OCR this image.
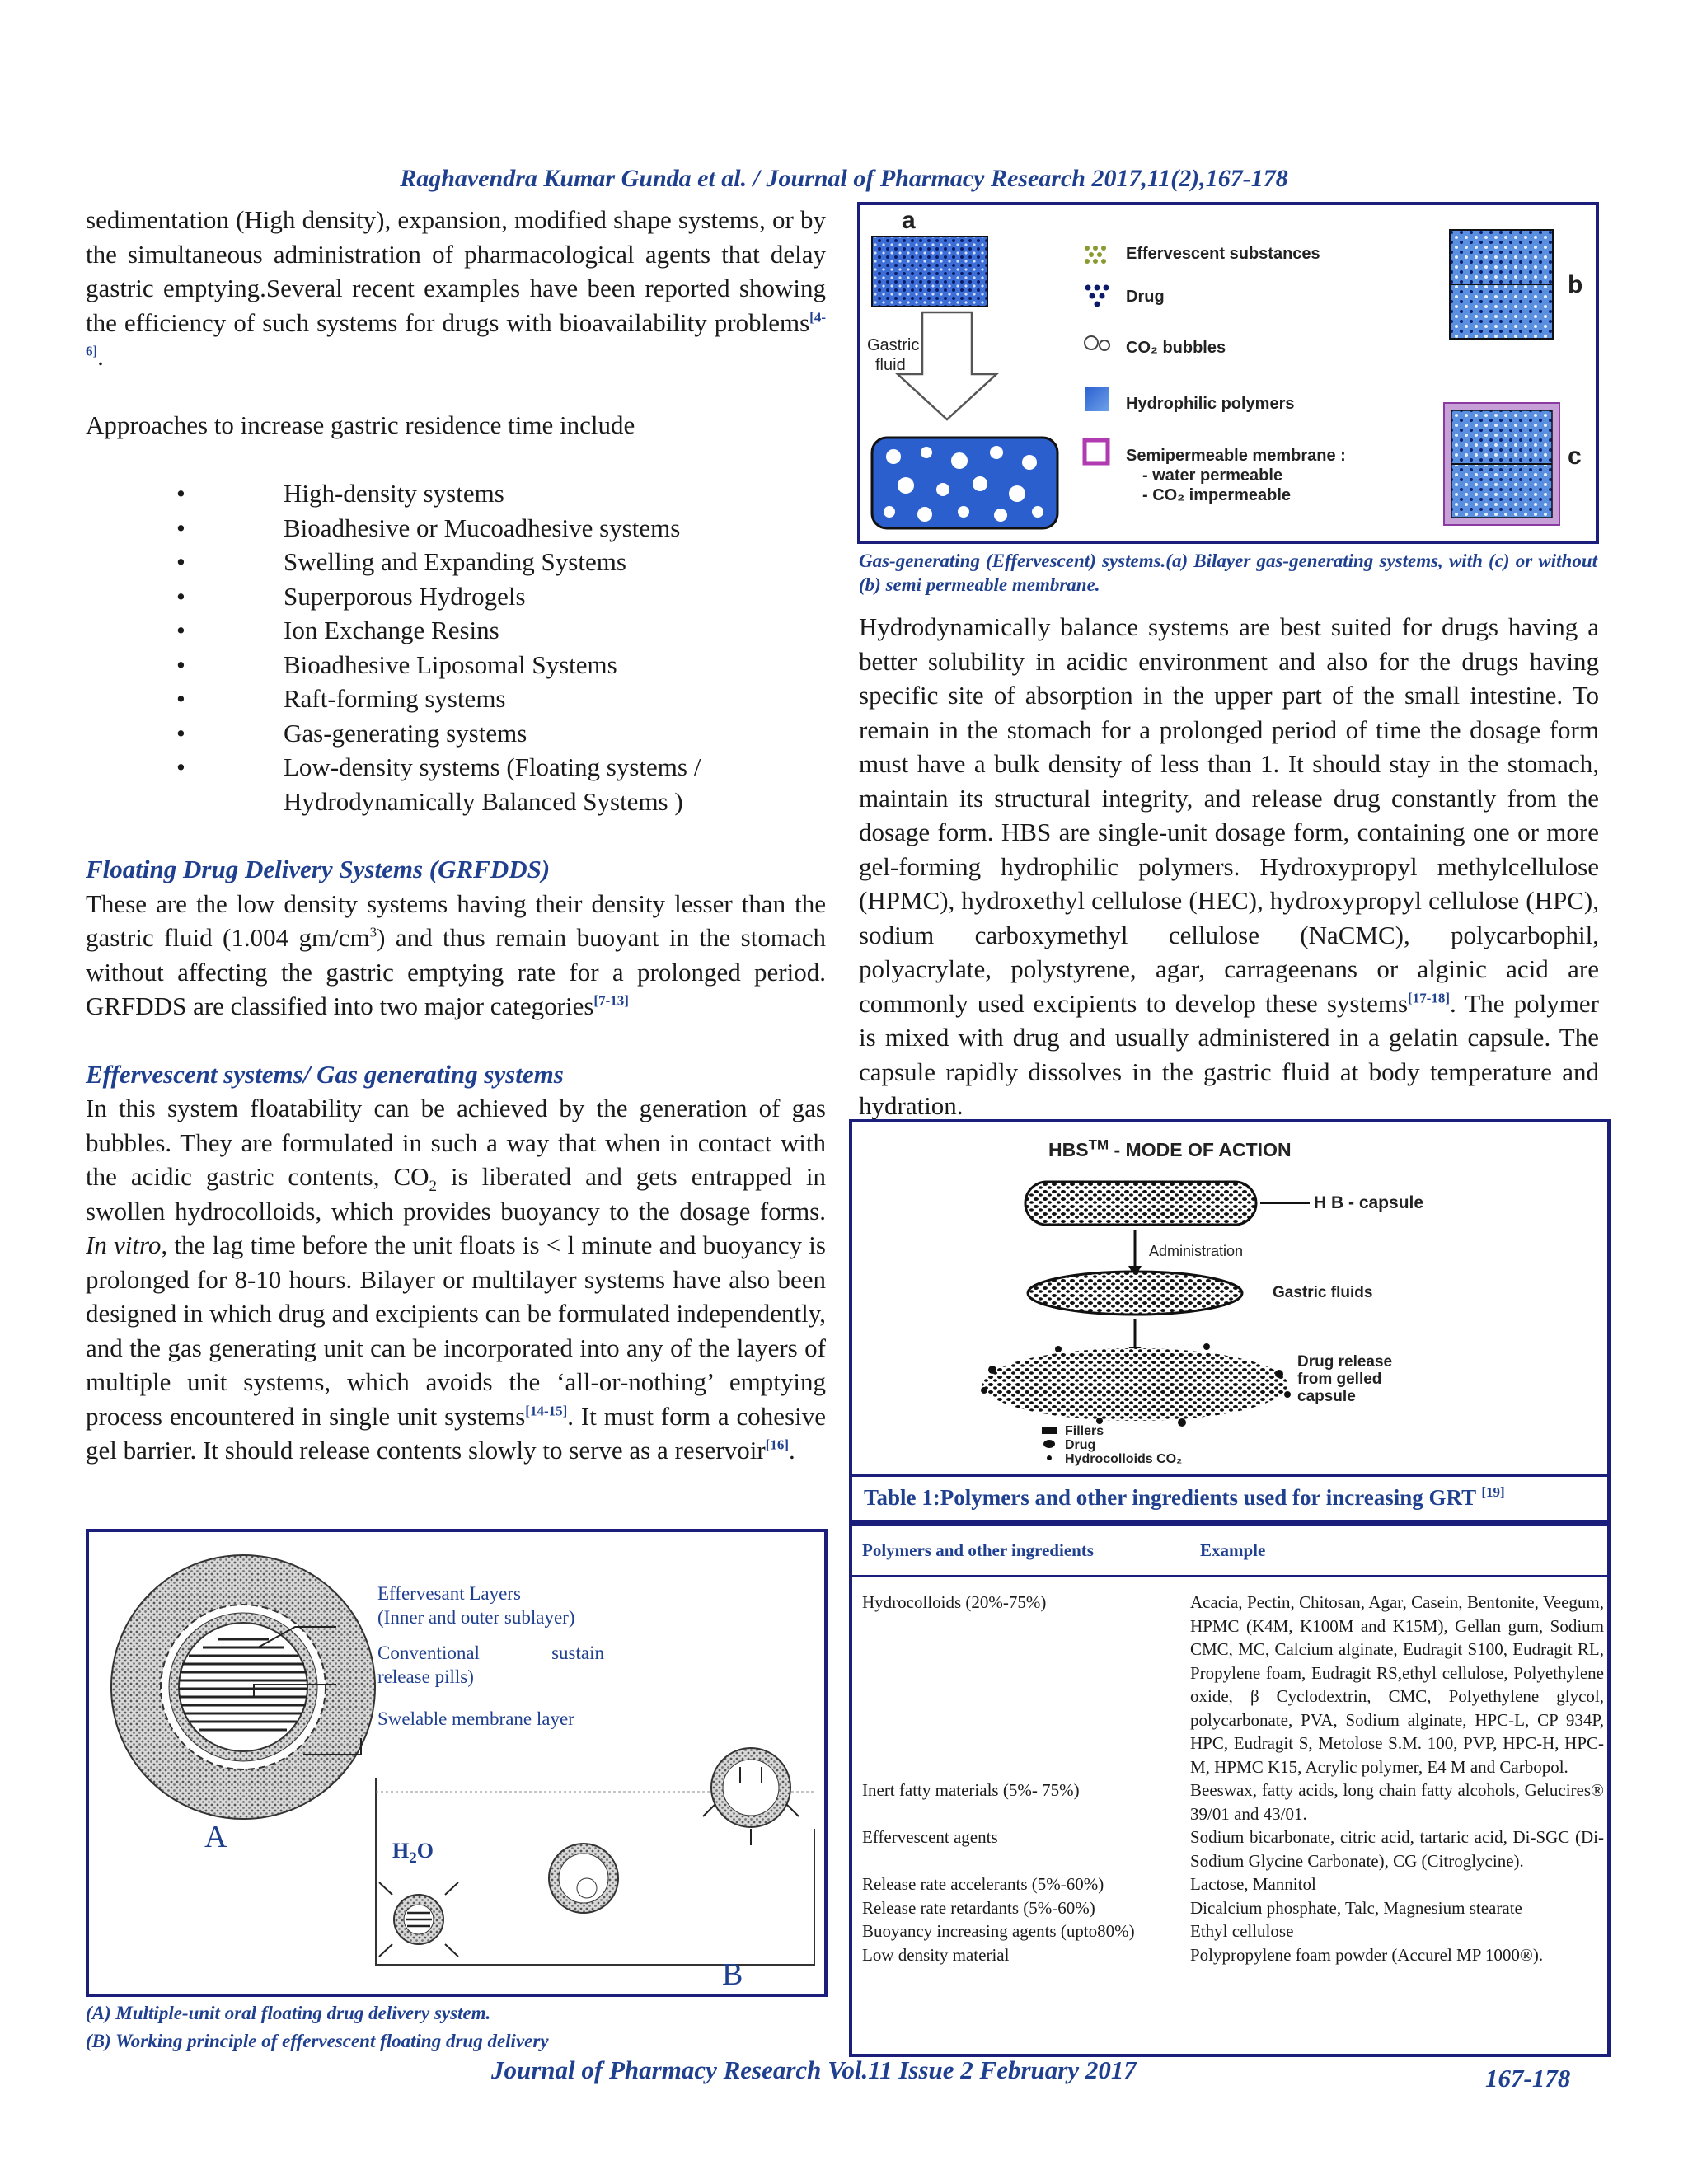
Raghavendra Kumar Gunda et al. / Journal of Pharmacy Research 2017,11(2),167-178

sedimentation (High density), expansion, modified shape systems, or by the simultaneous administration of pharmacological agents that delay gastric emptying.Several recent examples have been reported showing the efficiency of such systems for drugs with bioavailability problems[4-6].

Approaches to increase gastric residence time include

•	High-density systems
•	Bioadhesive or Mucoadhesive systems
•	Swelling and Expanding Systems
•	Superporous Hydrogels
•	Ion Exchange Resins
•	Bioadhesive Liposomal Systems
•	Raft-forming systems
•	Gas-generating systems
•	Low-density systems (Floating systems /
Hydrodynamically Balanced Systems )

Floating Drug Delivery Systems (GRFDDS)

These are the low density systems having their density lesser than the gastric fluid (1.004 $gm/cm^3$) and thus remain buoyant in the stomach without affecting the gastric emptying rate for a prolonged period. GRFDDS are classified into two major categories[7-13]

Effervescent systems/ Gas generating systems

In this system floatability can be achieved by the generation of gas bubbles. They are formulated in such a way that when in contact with the acidic gastric contents, $CO_2$ is liberated and gets entrapped in swollen hydrocolloids, which provides buoyancy to the dosage forms. In vitro, the lag time before the unit floats is < l minute and buoyancy is prolonged for 8-10 hours. Bilayer or multilayer systems have also been designed in which drug and excipients can be formulated independently, and the gas generating unit can be incorporated into any of the layers of multiple unit systems, which avoids the ‘all-or-nothing’ emptying process encountered in single unit systems[14-15]. It must form a cohesive gel barrier. It should release contents slowly to serve as a reservoir[16].

Effervesant Layers
(Inner and outer sublayer)
Conventional	sustain
release pills)
Swelable membrane layer
A
B
$H_2O$
(A) Multiple-unit oral floating drug delivery system.
(B) Working principle of effervescent floating drug delivery
a
b
c
Gastric
fluid
Effervescent substances
Drug
CO₂ bubbles
Hydrophilic polymers
Semipermeable membrane :
- water permeable
- CO₂ impermeable
Gas-generating (Effervescent) systems.(a) Bilayer gas-generating systems, with (c) or without (b) semi permeable membrane.

Hydrodynamically balance systems are best suited for drugs having a better solubility in acidic environment and also for the drugs having specific site of absorption in the upper part of the small intestine. To remain in the stomach for a prolonged period of time the dosage form must have a bulk density of less than 1. It should stay in the stomach, maintain its structural integrity, and release drug constantly from the dosage form. HBS are single-unit dosage form, containing one or more gel-forming hydrophilic polymers. Hydroxypropyl methylcellulose (HPMC), hydroxethyl cellulose (HEC), hydroxypropyl cellulose (HPC), sodium carboxymethyl cellulose (NaCMC), polycarbophil, polyacrylate, polystyrene, agar, carrageenans or alginic acid are commonly used excipients to develop these systems[17-18]. The polymer is mixed with drug and usually administered in a gelatin capsule. The capsule rapidly dissolves in the gastric fluid at body temperature and hydration.

HBS™ - MODE OF ACTION
H B - capsule
Administration
Gastric fluids
Drug release
from gelled
capsule
Fillers
Drug
Hydrocolloids CO₂
Table 1:Polymers and other ingredients used for increasing GRT [19]
Polymers and other ingredients	Example
Hydrocolloids (20%-75%)	Acacia, Pectin, Chitosan, Agar, Casein, Bentonite, Veegum, HPMC (K4M, K100M and K15M), Gellan gum, Sodium CMC, MC, Calcium alginate, Eudragit S100, Eudragit RL, Propylene foam, Eudragit RS,ethyl cellulose, Polyethylene oxide, β Cyclodextrin, CMC, Polyethylene glycol, polycarbonate, PVA, Sodium alginate, HPC-L, CP 934P, HPC, Eudragit S, Metolose S.M. 100, PVP, HPC-H, HPC-M, HPMC K15, Acrylic polymer, E4 M and Carbopol.
Inert fatty materials (5%- 75%)	Beeswax, fatty acids, long chain fatty alcohols, Gelucires® 39/01 and 43/01.
Effervescent agents	Sodium bicarbonate, citric acid, tartaric acid, Di-SGC (Di-Sodium Glycine Carbonate), CG (Citroglycine).
Release rate accelerants (5%-60%)	Lactose, Mannitol
Release rate retardants (5%-60%)	Dicalcium phosphate, Talc, Magnesium stearate
Buoyancy increasing agents (upto80%)	Ethyl cellulose
Low density material	Polypropylene foam powder (Accurel MP 1000®).
Journal of Pharmacy Research Vol.11 Issue 2 February 2017	167-178
